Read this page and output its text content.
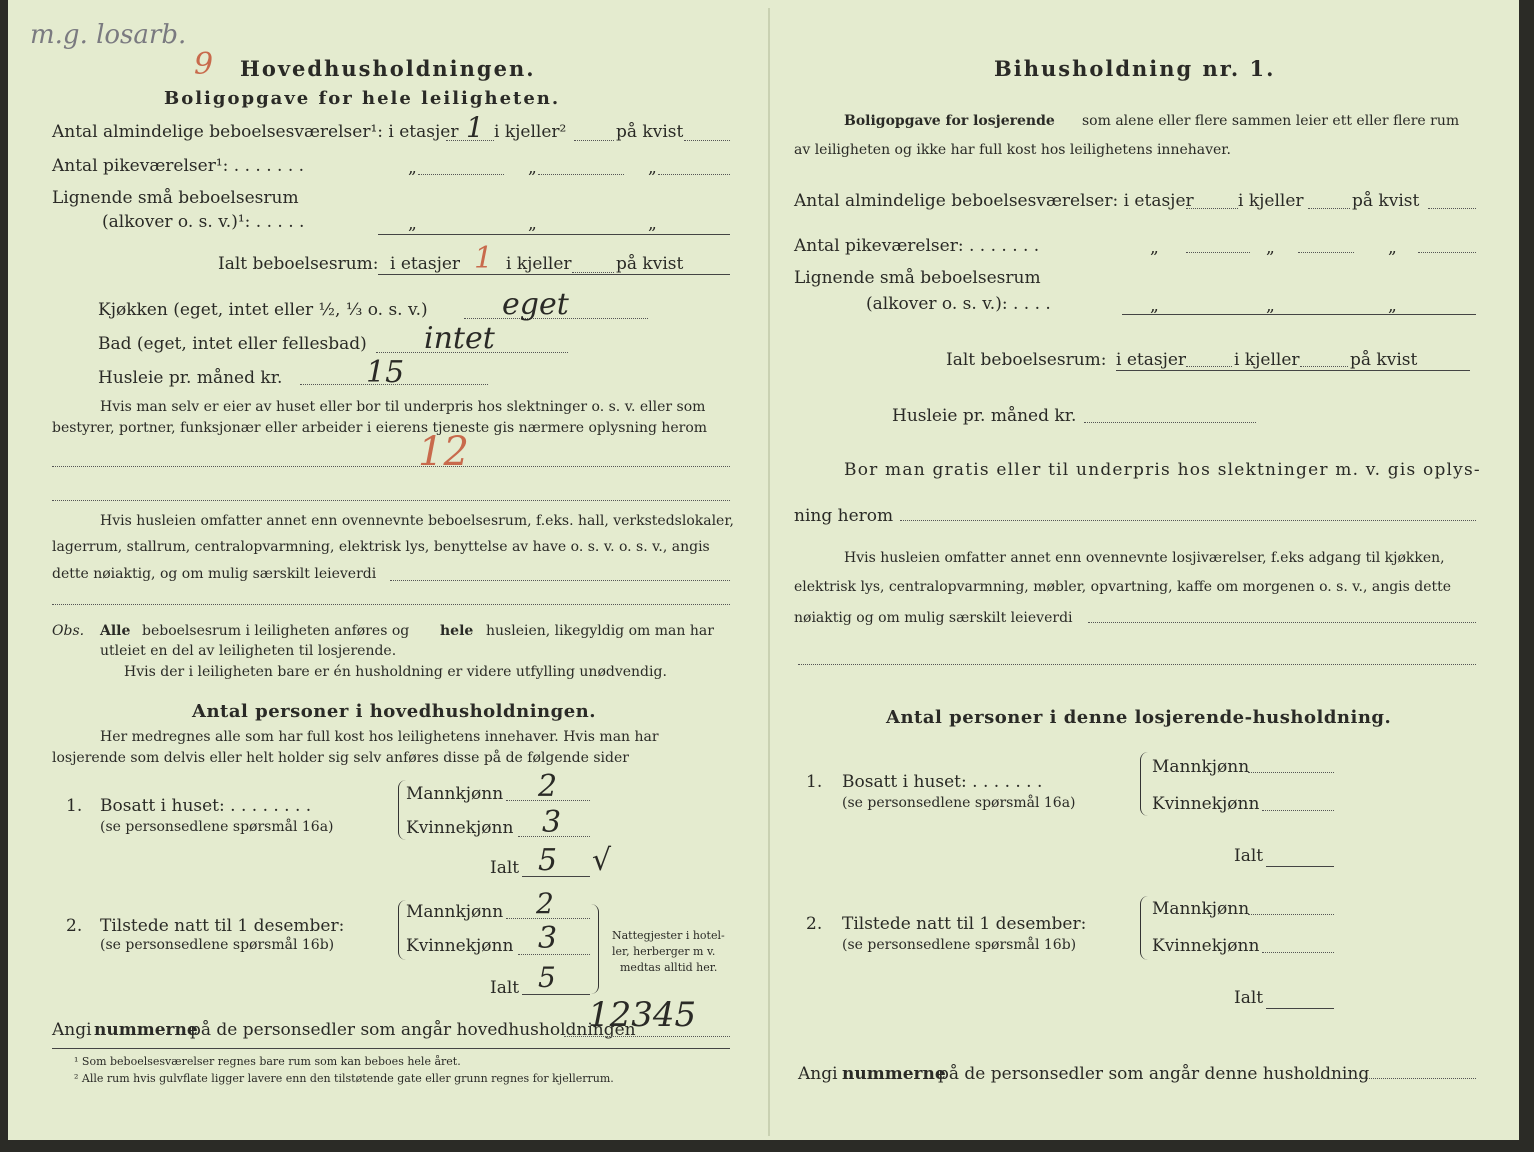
m.g. losarb.
9 Hovedhusholdningen.
Boligopgave for hele leiligheten.
Antal almindelige beboelsesværelser¹: i etasjer 1 i kjeller²	på kvist
Antal pikeværelser¹: . . . . . . .	„	„	„
Lignende små beboelsesrum
(alkover o. s. v.)¹: . . . . .	„	„	„
Ialt beboelsesrum: i etasjer 1 i kjeller	på kvist
Kjøkken (eget, intet eller ½, ⅓ o. s. v.) eget
Bad (eget, intet eller fellesbad) intet
Husleie pr. måned kr.	15
Hvis man selv er eier av huset eller bor til underpris hos slektninger o. s. v. eller som
bestyrer, portner, funksjonær eller arbeider i eierens tjeneste gis nærmere oplysning herom
12
Hvis husleien omfatter annet enn ovennevnte beboelsesrum, f.eks. hall, verkstedslokaler,
lagerrum, stallrum, centralopvarmning, elektrisk lys, benyttelse av have o. s. v. o. s. v., angis
dette nøiaktig, og om mulig særskilt leieverdi
Obs. Alle beboelsesrum i leiligheten anføres og hele husleien, likegyldig om man har
utleiet en del av leiligheten til losjerende.
Hvis der i leiligheten bare er én husholdning er videre utfylling unødvendig.
Antal personer i hovedhusholdningen.
Her medregnes alle som har full kost hos leilighetens innehaver. Hvis man har
losjerende som delvis eller helt holder sig selv anføres disse på de følgende sider
1. Bosatt i huset: . . . . . . . .
(se personsedlene spørsmål 16a)
Mannkjønn 2
Kvinnekjønn 3
Ialt 5 √
2. Tilstede natt til 1 desember:
(se personsedlene spørsmål 16b)
Mannkjønn 2
Kvinnekjønn 3
Ialt 5
Nattegjester i hotel-
ler, herberger m v.
medtas alltid her.
Angi nummerne
på de personsedler som angår hovedhusholdningen
12345
¹ Som beboelsesværelser regnes bare rum som kan beboes hele året.
² Alle rum hvis gulvflate ligger lavere enn den tilstøtende gate eller grunn regnes for kjellerrum.
Bihusholdning nr. 1.
Boligopgave for losjerende som alene eller flere sammen leier ett eller flere rum
av leiligheten og ikke har full kost hos leilighetens innehaver.
Antal almindelige beboelsesværelser: i etasjer	i kjeller	på kvist
Antal pikeværelser: . . . . . . .	„	„	„
Lignende små beboelsesrum
(alkover o. s. v.): . . . .	„	„	„
Ialt beboelsesrum: i etasjer	i kjeller	på kvist
Husleie pr. måned kr.
Bor man gratis eller til underpris hos slektninger m. v. gis oplys-
ning herom
Hvis husleien omfatter annet enn ovennevnte losjiværelser, f.eks adgang til kjøkken,
elektrisk lys, centralopvarmning, møbler, opvartning, kaffe om morgenen o. s. v., angis dette
nøiaktig og om mulig særskilt leieverdi
Antal personer i denne losjerende-husholdning.
1. Bosatt i huset: . . . . . . .
(se personsedlene spørsmål 16a)
Mannkjønn
Kvinnekjønn
Ialt
2. Tilstede natt til 1 desember:
(se personsedlene spørsmål 16b)
Mannkjønn
Kvinnekjønn
Ialt
Angi nummerne
på de personsedler som angår denne husholdning
